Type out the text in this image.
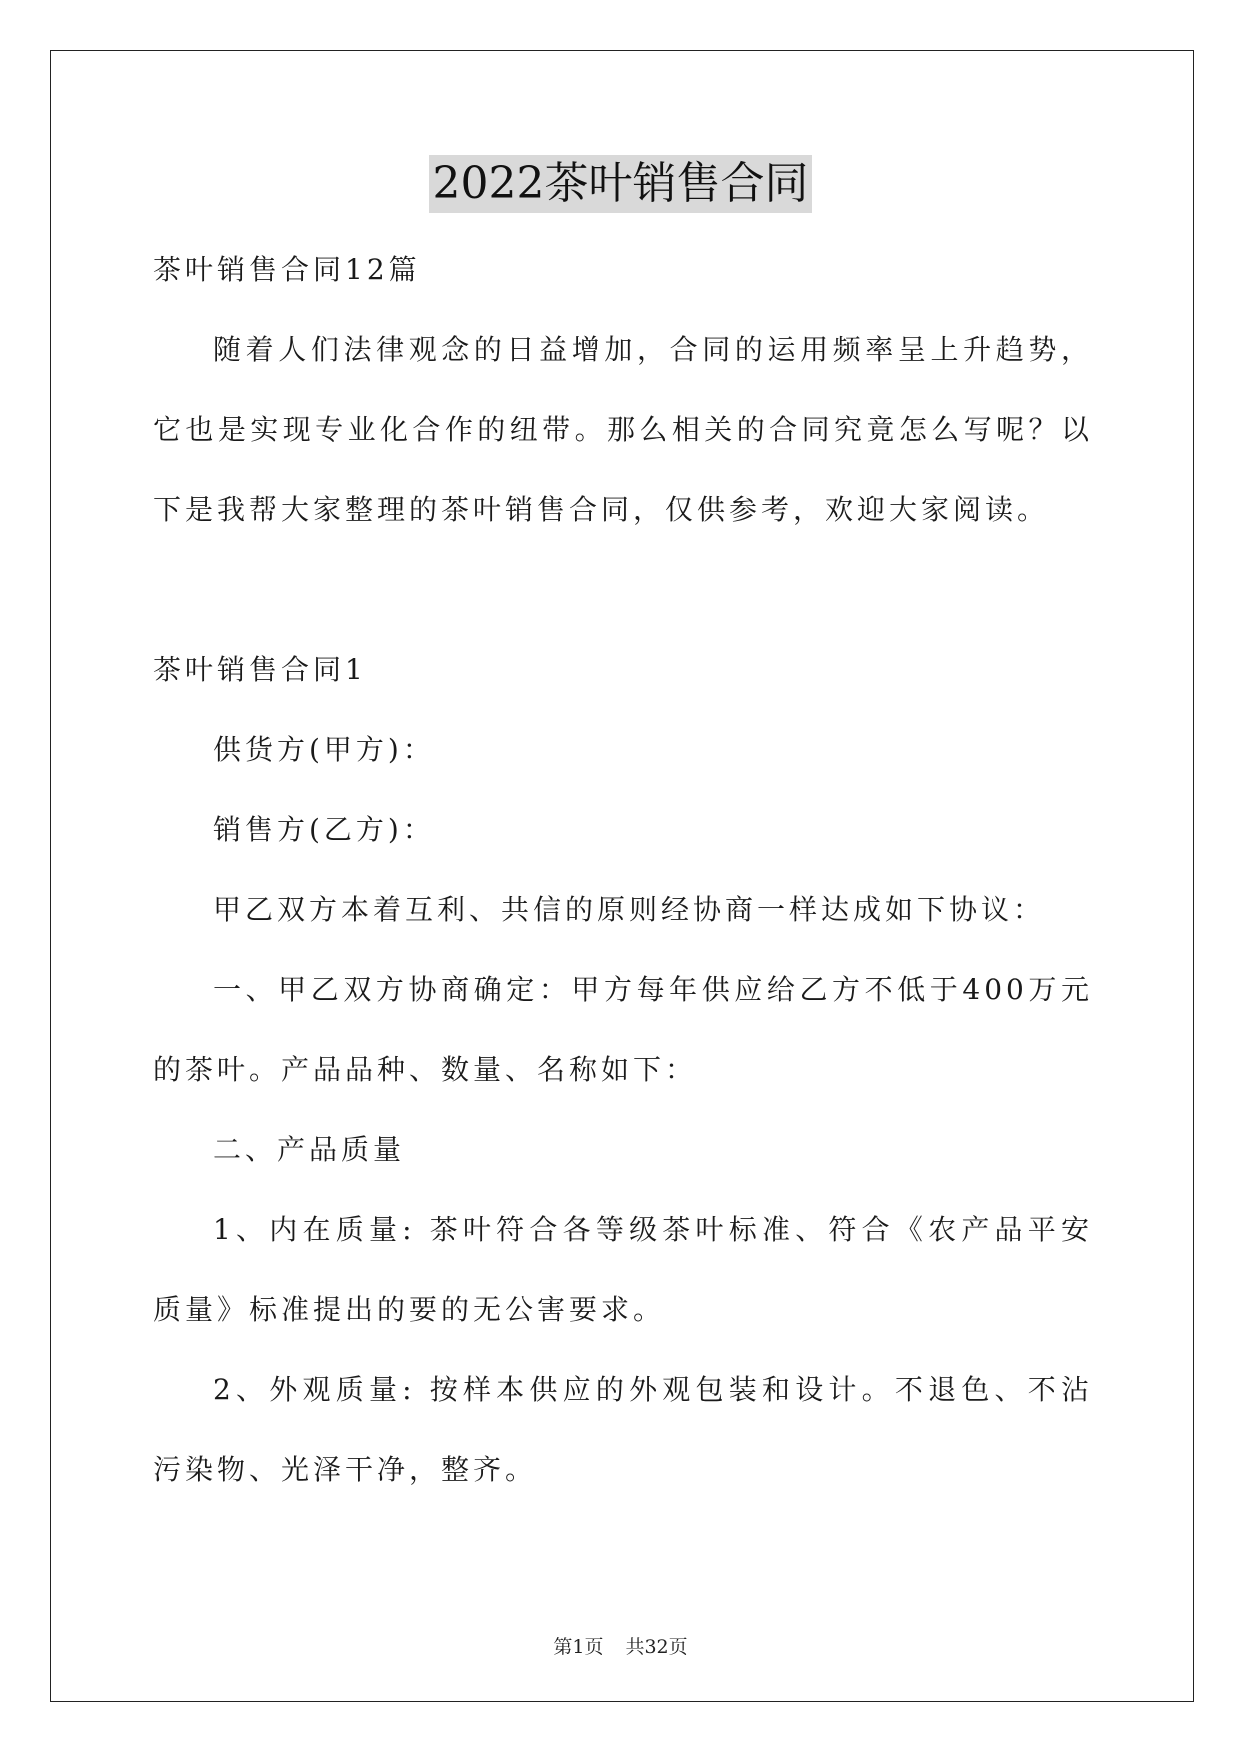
2022茶叶销售合同

茶叶销售合同12篇

随着人们法律观念的日益增加，合同的运用频率呈上升趋势，它也是实现专业化合作的纽带。那么相关的合同究竟怎么写呢？以下是我帮大家整理的茶叶销售合同，仅供参考，欢迎大家阅读。

茶叶销售合同1

供货方(甲方)：

销售方(乙方)：

甲乙双方本着互利、共信的原则经协商一样达成如下协议：

一、甲乙双方协商确定：甲方每年供应给乙方不低于400万元的茶叶。产品品种、数量、名称如下：

二、产品质量

1、内在质量: 茶叶符合各等级茶叶标准、符合《农产品平安质量》标准提出的要的无公害要求。

2、外观质量: 按样本供应的外观包装和设计。不退色、不沾污染物、光泽干净，整齐。

第1页 共32页
